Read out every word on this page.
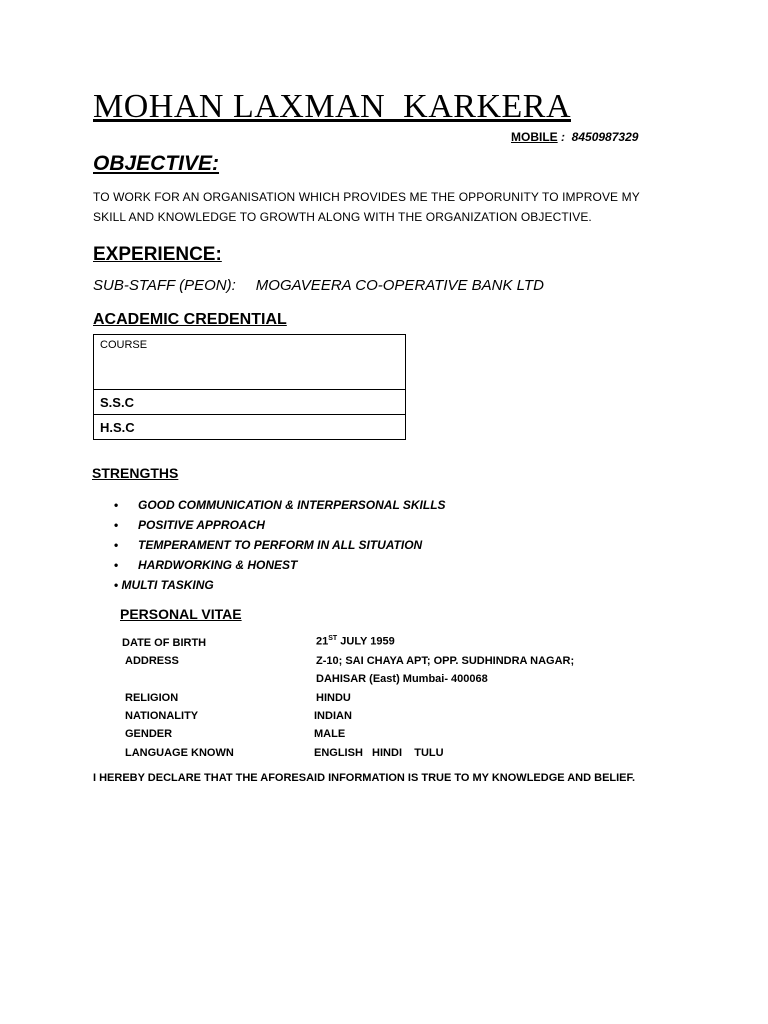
MOHAN LAXMAN  KARKERA
MOBILE :  8450987329
OBJECTIVE:
TO WORK FOR AN ORGANISATION WHICH PROVIDES ME THE OPPORUNITY TO IMPROVE MY
SKILL AND KNOWLEDGE TO GROWTH ALONG WITH THE ORGANIZATION OBJECTIVE.
EXPERIENCE:
SUB-STAFF (PEON): MOGAVEERA CO-OPERATIVE BANK LTD
ACADEMIC CREDENTIAL
COURSE
S.S.C
H.S.C
STRENGTHS
• GOOD COMMUNICATION & INTERPERSONAL SKILLS
• POSITIVE APPROACH
• TEMPERAMENT TO PERFORM IN ALL SITUATION
• HARDWORKING & HONEST
• MULTI TASKING
PERSONAL VITAE
DATE OF BIRTH	21ST JULY 1959
ADDRESS	Z-10; SAI CHAYA APT; OPP. SUDHINDRA NAGAR;
DAHISAR (East) Mumbai- 400068
RELIGION	HINDU
NATIONALITY	INDIAN
GENDER	MALE
LANGUAGE KNOWN	ENGLISH   HINDI    TULU
I HEREBY DECLARE THAT THE AFORESAID INFORMATION IS TRUE TO MY KNOWLEDGE AND BELIEF.
